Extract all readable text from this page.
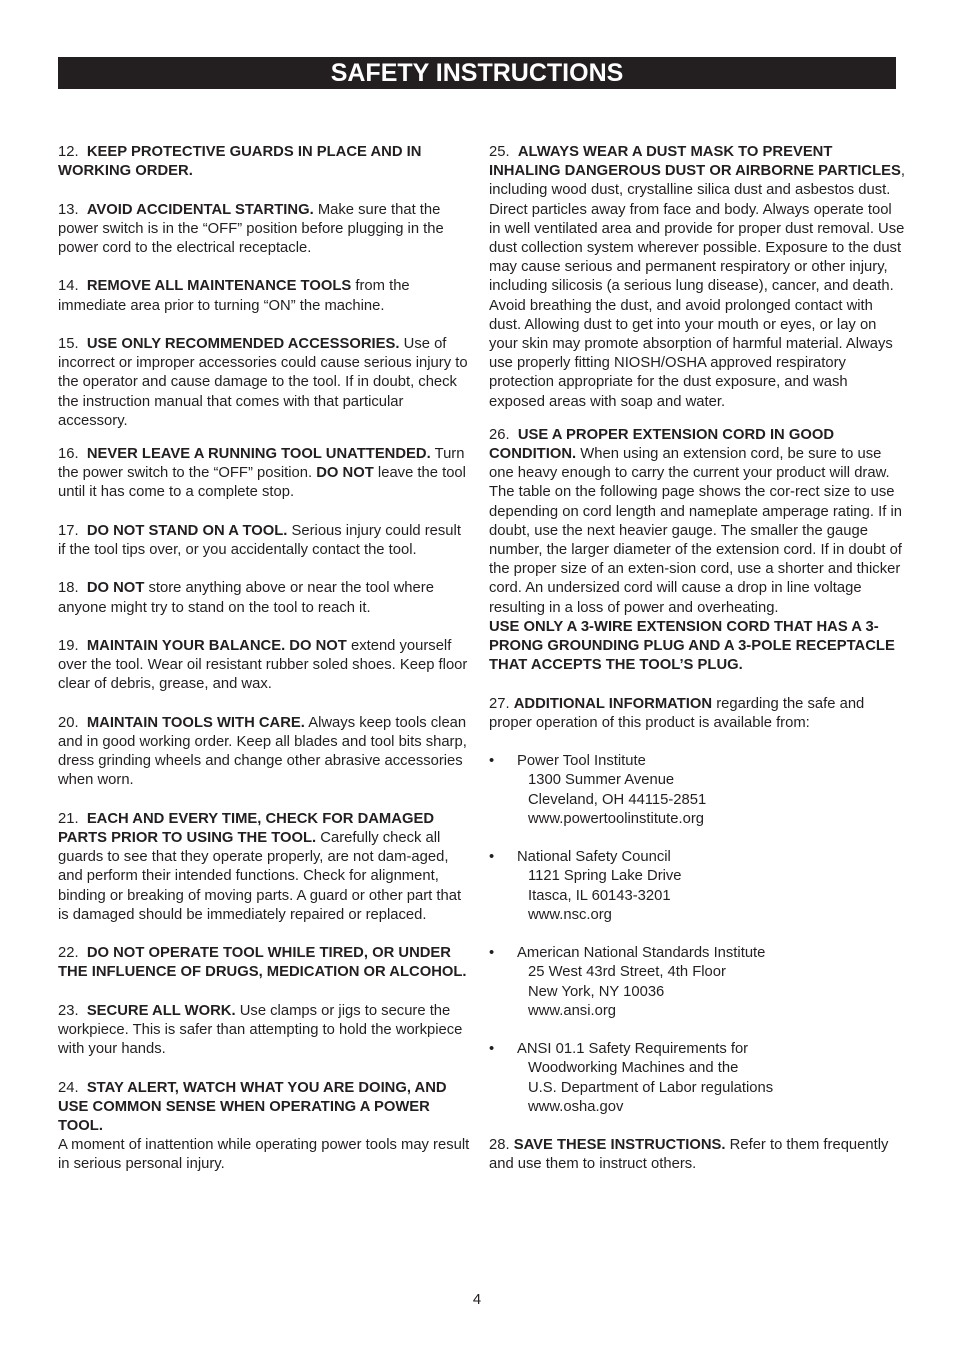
SAFETY INSTRUCTIONS

12. KEEP PROTECTIVE GUARDS IN PLACE AND IN WORKING ORDER.

13. AVOID ACCIDENTAL STARTING. Make sure that the power switch is in the “OFF” position before plugging in the power cord to the electrical receptacle.

14. REMOVE ALL MAINTENANCE TOOLS from the immediate area prior to turning “ON” the machine.

15. USE ONLY RECOMMENDED ACCESSORIES. Use of incorrect or improper accessories could cause serious injury to the operator and cause damage to the tool. If in doubt, check the instruction manual that comes with that particular accessory.

16. NEVER LEAVE A RUNNING TOOL UNATTENDED. Turn the power switch to the “OFF” position. DO NOT leave the tool until it has come to a complete stop.

17. DO NOT STAND ON A TOOL. Serious injury could result if the tool tips over, or you accidentally contact the tool.

18. DO NOT store anything above or near the tool where anyone might try to stand on the tool to reach it.

19. MAINTAIN YOUR BALANCE. DO NOT extend yourself over the tool. Wear oil resistant rubber soled shoes. Keep floor clear of debris, grease, and wax.

20. MAINTAIN TOOLS WITH CARE. Always keep tools clean and in good working order. Keep all blades and tool bits sharp, dress grinding wheels and change other abrasive accessories when worn.

21. EACH AND EVERY TIME, CHECK FOR DAMAGED PARTS PRIOR TO USING THE TOOL. Carefully check all guards to see that they operate properly, are not dam-aged, and perform their intended functions. Check for alignment, binding or breaking of moving parts. A guard or other part that is damaged should be immediately repaired or replaced.

22. DO NOT OPERATE TOOL WHILE TIRED, OR UNDER THE INFLUENCE OF DRUGS, MEDICATION OR ALCOHOL.

23. SECURE ALL WORK. Use clamps or jigs to secure the workpiece. This is safer than attempting to hold the workpiece with your hands.

24. STAY ALERT, WATCH WHAT YOU ARE DOING, AND USE COMMON SENSE WHEN OPERATING A POWER TOOL.
A moment of inattention while operating power tools may result in serious personal injury.

25. ALWAYS WEAR A DUST MASK TO PREVENT INHALING DANGEROUS DUST OR AIRBORNE PARTICLES, including wood dust, crystalline silica dust and asbestos dust. Direct particles away from face and body. Always operate tool in well ventilated area and provide for proper dust removal. Use dust collection system wherever possible. Exposure to the dust may cause serious and permanent respiratory or other injury, including silicosis (a serious lung disease), cancer, and death. Avoid breathing the dust, and avoid prolonged contact with dust. Allowing dust to get into your mouth or eyes, or lay on your skin may promote absorption of harmful material. Always use properly fitting NIOSH/OSHA approved respiratory protection appropriate for the dust exposure, and wash exposed areas with soap and water.

26. USE A PROPER EXTENSION CORD IN GOOD CONDITION. When using an extension cord, be sure to use one heavy enough to carry the current your product will draw. The table on the following page shows the cor-rect size to use depending on cord length and nameplate amperage rating. If in doubt, use the next heavier gauge. The smaller the gauge number, the larger diameter of the extension cord. If in doubt of the proper size of an exten-sion cord, use a shorter and thicker cord. An undersized cord will cause a drop in line voltage resulting in a loss of power and overheating.

USE ONLY A 3-WIRE EXTENSION CORD THAT HAS A 3-PRONG GROUNDING PLUG AND A 3-POLE RECEPTACLE THAT ACCEPTS THE TOOL’S PLUG.

27. ADDITIONAL INFORMATION regarding the safe and proper operation of this product is available from:

• Power Tool Institute
1300 Summer Avenue
Cleveland, OH 44115-2851
www.powertoolinstitute.org
• National Safety Council
1121 Spring Lake Drive
Itasca, IL 60143-3201
www.nsc.org
• American National Standards Institute
25 West 43rd Street, 4th Floor
New York, NY 10036
www.ansi.org
• ANSI 01.1 Safety Requirements for
Woodworking Machines and the
U.S. Department of Labor regulations
www.osha.gov

28. SAVE THESE INSTRUCTIONS. Refer to them frequently and use them to instruct others.

4
